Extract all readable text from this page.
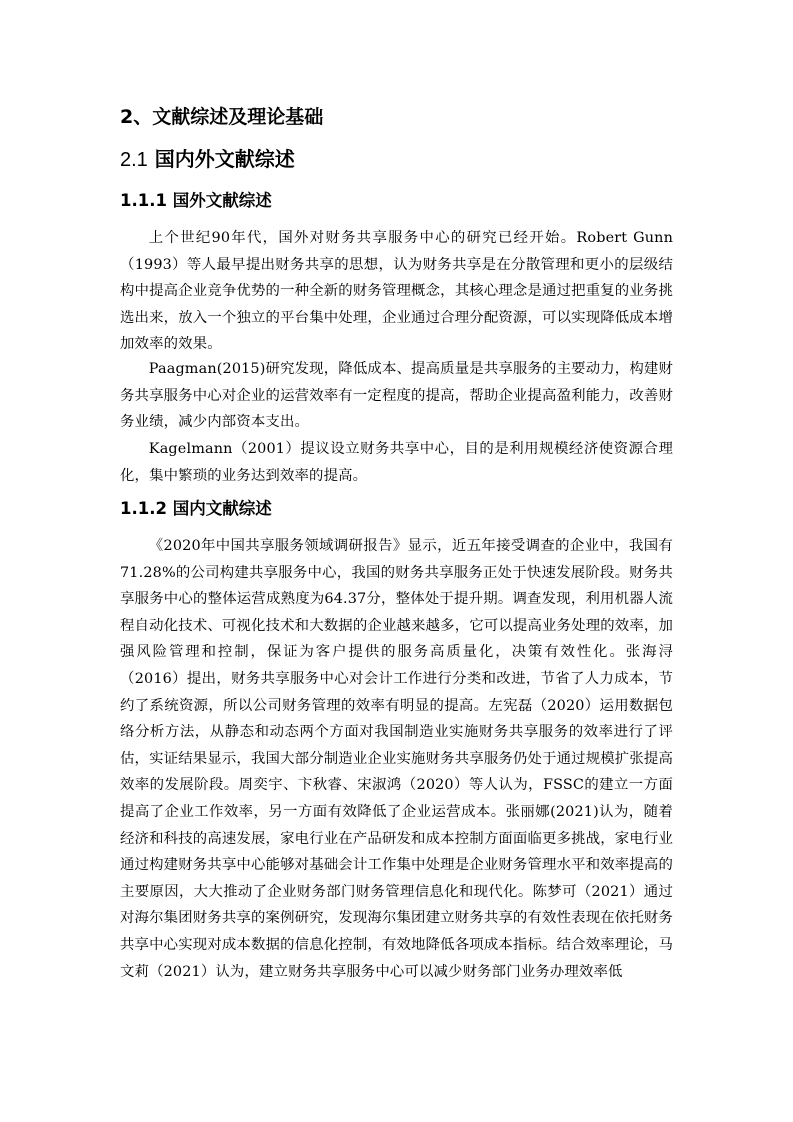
2、文献综述及理论基础
2.1 国内外文献综述
1.1.1 国外文献综述

上个世纪90年代，国外对财务共享服务中心的研究已经开始。Robert Gunn（1993）等人最早提出财务共享的思想，认为财务共享是在分散管理和更小的层级结构中提高企业竞争优势的一种全新的财务管理概念，其核心理念是通过把重复的业务挑选出来，放入一个独立的平台集中处理，企业通过合理分配资源，可以实现降低成本增加效率的效果。

Paagman(2015)研究发现，降低成本、提高质量是共享服务的主要动力，构建财务共享服务中心对企业的运营效率有一定程度的提高，帮助企业提高盈利能力，改善财务业绩，减少内部资本支出。

Kagelmann（2001）提议设立财务共享中心，目的是利用规模经济使资源合理化，集中繁琐的业务达到效率的提高。

1.1.2 国内文献综述

《2020年中国共享服务领域调研报告》显示，近五年接受调查的企业中，我国有71.28%的公司构建共享服务中心，我国的财务共享服务正处于快速发展阶段。财务共享服务中心的整体运营成熟度为64.37分，整体处于提升期。调查发现，利用机器人流程自动化技术、可视化技术和大数据的企业越来越多，它可以提高业务处理的效率，加强风险管理和控制，保证为客户提供的服务高质量化，决策有效性化。张海浔（2016）提出，财务共享服务中心对会计工作进行分类和改进，节省了人力成本，节约了系统资源，所以公司财务管理的效率有明显的提高。左宪磊（2020）运用数据包络分析方法，从静态和动态两个方面对我国制造业实施财务共享服务的效率进行了评估，实证结果显示，我国大部分制造业企业实施财务共享服务仍处于通过规模扩张提高效率的发展阶段。周奕宇、卞秋睿、宋淑鸿（2020）等人认为，FSSC的建立一方面提高了企业工作效率，另一方面有效降低了企业运营成本。张丽娜(2021)认为，随着经济和科技的高速发展，家电行业在产品研发和成本控制方面面临更多挑战，家电行业通过构建财务共享中心能够对基础会计工作集中处理是企业财务管理水平和效率提高的主要原因，大大推动了企业财务部门财务管理信息化和现代化。陈梦可（2021）通过对海尔集团财务共享的案例研究，发现海尔集团建立财务共享的有效性表现在依托财务共享中心实现对成本数据的信息化控制，有效地降低各项成本指标。结合效率理论，马文莉（2021）认为，建立财务共享服务中心可以减少财务部门业务办理效率低
